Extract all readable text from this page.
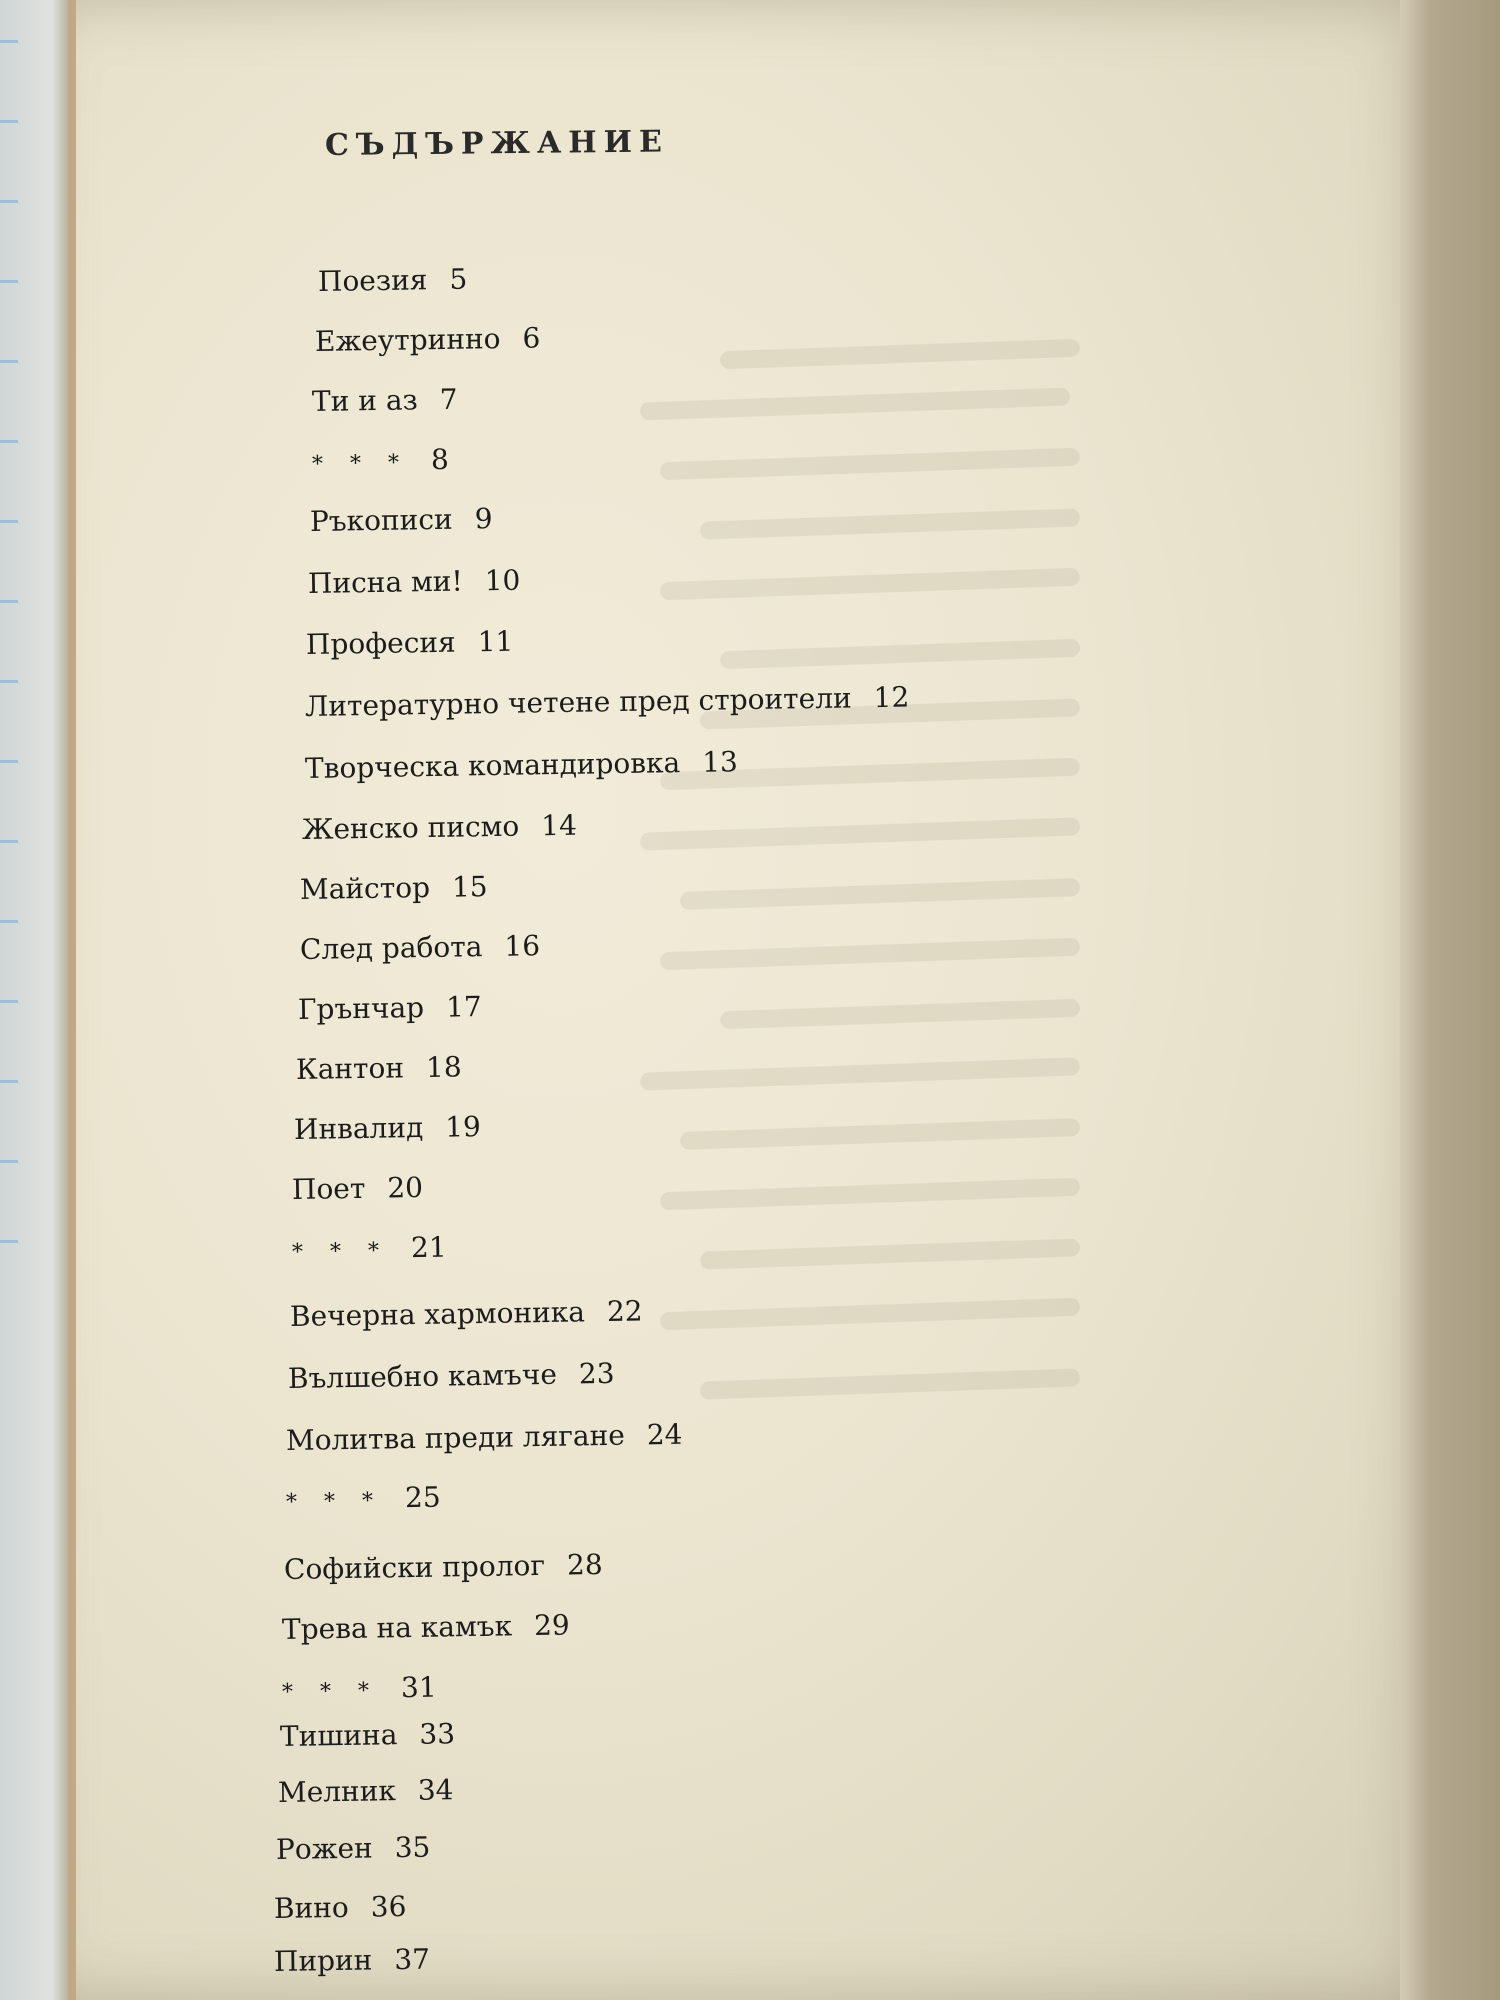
СЪДЪРЖАНИЕ
Поезия 5
Ежеутринно 6
Ти и аз 7
* * * 8
Ръкописи 9
Писна ми! 10
Професия 11
Литературно четене пред строители 12
Творческа командировка 13
Женско писмо 14
Майстор 15
След работа 16
Грънчар 17
Кантон 18
Инвалид 19
Поет 20
* * * 21
Вечерна хармоника 22
Вълшебно камъче 23
Молитва преди лягане 24
* * * 25
Софийски пролог 28
Трева на камък 29
* * * 31
Тишина 33
Мелник 34
Рожен 35
Вино 36
Пирин 37
